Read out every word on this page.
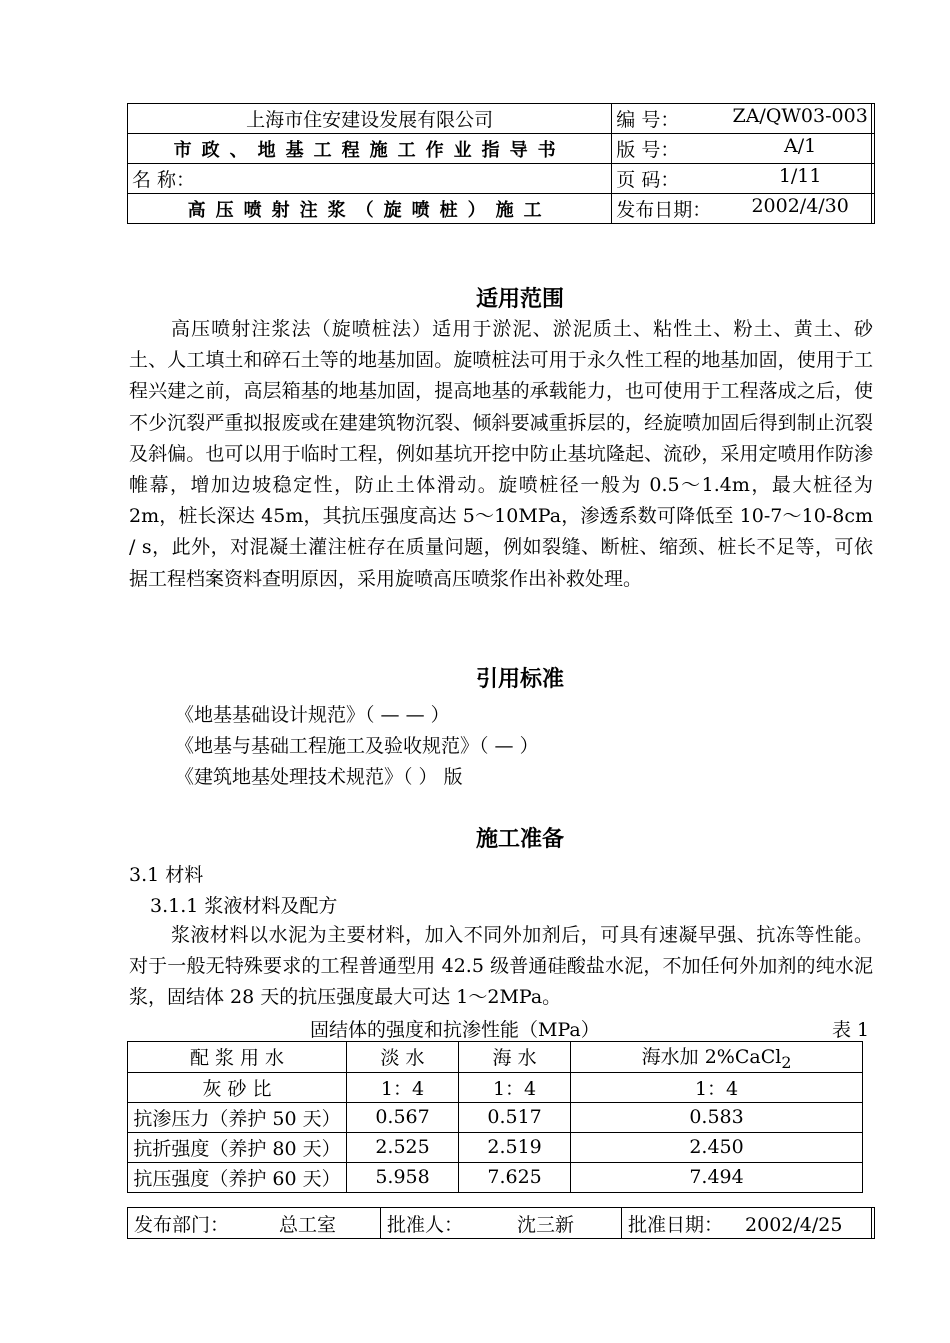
上海市住安建设发展有限公司	编 号： ZA/QW03-003

市政、地基工程施工作业指导书	版 号： A/1

名 称：	页 码： 1/11

高压喷射注浆（旋喷桩）施工	发布日期： 2002/4/30
适用范围

高压喷射注浆法（旋喷桩法）适用于淤泥、淤泥质土、粘性土、粉土、黄土、砂土、人工填土和碎石土等的地基加固。旋喷桩法可用于永久性工程的地基加固，使用于工程兴建之前，高层箱基的地基加固，提高地基的承载能力，也可使用于工程落成之后，使不少沉裂严重拟报废或在建建筑物沉裂、倾斜要减重拆层的，经旋喷加固后得到制止沉裂及斜偏。也可以用于临时工程，例如基坑开挖中防止基坑隆起、流砂，采用定喷用作防渗帷幕，增加边坡稳定性，防止土体滑动。旋喷桩径一般为 0.5～1.4m，最大桩径为 2m，桩长深达 45m，其抗压强度高达 5～10MPa，渗透系数可降低至 10-7～10-8cm / s，此外，对混凝土灌注桩存在质量问题，例如裂缝、断桩、缩颈、桩长不足等，可依据工程档案资料查明原因，采用旋喷高压喷浆作出补救处理。

引用标准
《地基基础设计规范》（ — — ）
《地基与基础工程施工及验收规范》（ — ）
《建筑地基处理技术规范》（ ） 版
施工准备
3.1 材料
3.1.1 浆液材料及配方

浆液材料以水泥为主要材料，加入不同外加剂后，可具有速凝早强、抗冻等性能。对于一般无特殊要求的工程普通型用 42.5 级普通硅酸盐水泥，不加任何外加剂的纯水泥浆，固结体 28 天的抗压强度最大可达 1～2MPa。

固结体的强度和抗渗性能（MPa）	表 1
配 浆 用 水	淡 水	海 水	海水加 2%CaCl$_2$
灰 砂 比	1：4	1：4	1：4
抗渗压力（养护 50 天）	0.567	0.517	0.583
抗折强度（养护 80 天）	2.525	2.519	2.450
抗压强度（养护 60 天）	5.958	7.625	7.494
发布部门：	总工室	批准人：	沈三新	批准日期： 2002/4/25
